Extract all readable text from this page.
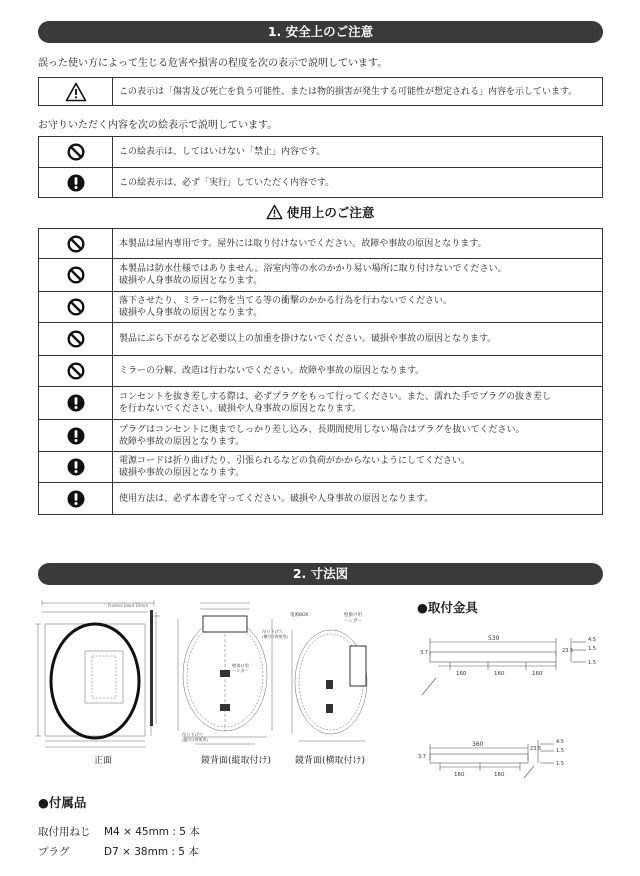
1. 安全上のご注意
誤った使い方によって生じる危害や損害の程度を次の表示で説明しています。
	この表示は「傷害及び死亡を負う可能性、または物的損害が発生する可能性が想定される」内容を示しています。
お守りいただく内容を次の絵表示で説明しています。
	この絵表示は、してはいけない「禁止」内容です。
	この絵表示は、必ず「実行」していただく内容です。
使用上のご注意

本製品は屋内専用です。屋外には取り付けないでください。故障や事故の原因となります。

本製品は防水仕様ではありません。浴室内等の水のかかり易い場所に取り付けないでください。
破損や人身事故の原因となります。

落下させたり、ミラーに物を当てる等の衝撃のかかる行為を行わないでください。
破損や人身事故の原因となります。

製品にぶら下がるなど必要以上の加重を掛けないでください。破損や事故の原因となります。

ミラーの分解、改造は行わないでください。故障や事故の原因となります。

コンセントを抜き差しする際は、必ずプラグをもって行ってください。また、濡れた手でプラグの抜き差し
を行わないでください。破損や人身事故の原因となります。

プラグはコンセントに奥までしっかり差し込み、長期間使用しない場合はプラグを抜いてください。
故障や事故の原因となります。

電源コードは折り曲げたり、引張られるなどの負荷がかからないようにしてください。
破損や事故の原因となります。

使用方法は、必ず本書を守ってください。破損や人身事故の原因となります。
2. 寸法図
Frosted band 10mm
壁掛け用
ハンガー
吊り下げ穴
(横付け時使用)
吊り下げ穴
(縦付け時使用)
電源BOX	壁掛け用
ハンガー
正面	鏡背面(縦取付け)	鏡背面(横取付け)
●取付金具
530
160	160	160
3.7	23.5
4.5
1.5
1.5
360
160	160
3.7
23.5
4.5
1.5
1.5
●付属品
取付用ねじ M4 × 45mm : 5 本
プラグ	D7 × 38mm : 5 本
